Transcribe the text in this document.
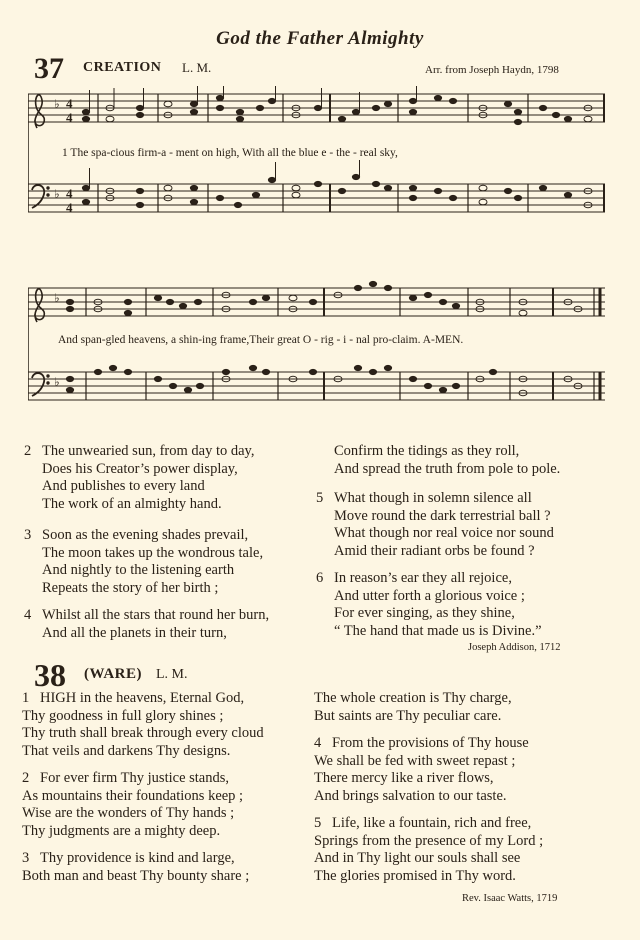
God the Father Almighty
37 CREATION L. M.	Arr. from Joseph Haydn, 1798
♭
♭
4
4
4
4
1 The spa-cious firm-a - ment on high, With all the blue e - the - real sky,
♭
♭
And span-gled heavens, a shin-ing frame,Their great O - rig - i - nal pro-claim. A-MEN.
2 The unwearied sun, from day to day,
Does his Creator’s power display,
And publishes to every land
The work of an almighty hand.
3 Soon as the evening shades prevail,
The moon takes up the wondrous tale,
And nightly to the listening earth
Repeats the story of her birth ;
4 Whilst all the stars that round her burn,
And all the planets in their turn,
Confirm the tidings as they roll,
And spread the truth from pole to pole.
5 What though in solemn silence all
Move round the dark terrestrial ball ?
What though nor real voice nor sound
Amid their radiant orbs be found ?
6 In reason’s ear they all rejoice,
And utter forth a glorious voice ;
For ever singing, as they shine,
“ The hand that made us is Divine.”
Joseph Addison, 1712
38 (WARE) L. M.
1 HIGH in the heavens, Eternal God,
Thy goodness in full glory shines ;
Thy truth shall break through every cloud
That veils and darkens Thy designs.
2 For ever firm Thy justice stands,
As mountains their foundations keep ;
Wise are the wonders of Thy hands ;
Thy judgments are a mighty deep.
3 Thy providence is kind and large,
Both man and beast Thy bounty share ;
The whole creation is Thy charge,
But saints are Thy peculiar care.
4 From the provisions of Thy house
We shall be fed with sweet repast ;
There mercy like a river flows,
And brings salvation to our taste.
5 Life, like a fountain, rich and free,
Springs from the presence of my Lord ;
And in Thy light our souls shall see
The glories promised in Thy word.
Rev. Isaac Watts, 1719
